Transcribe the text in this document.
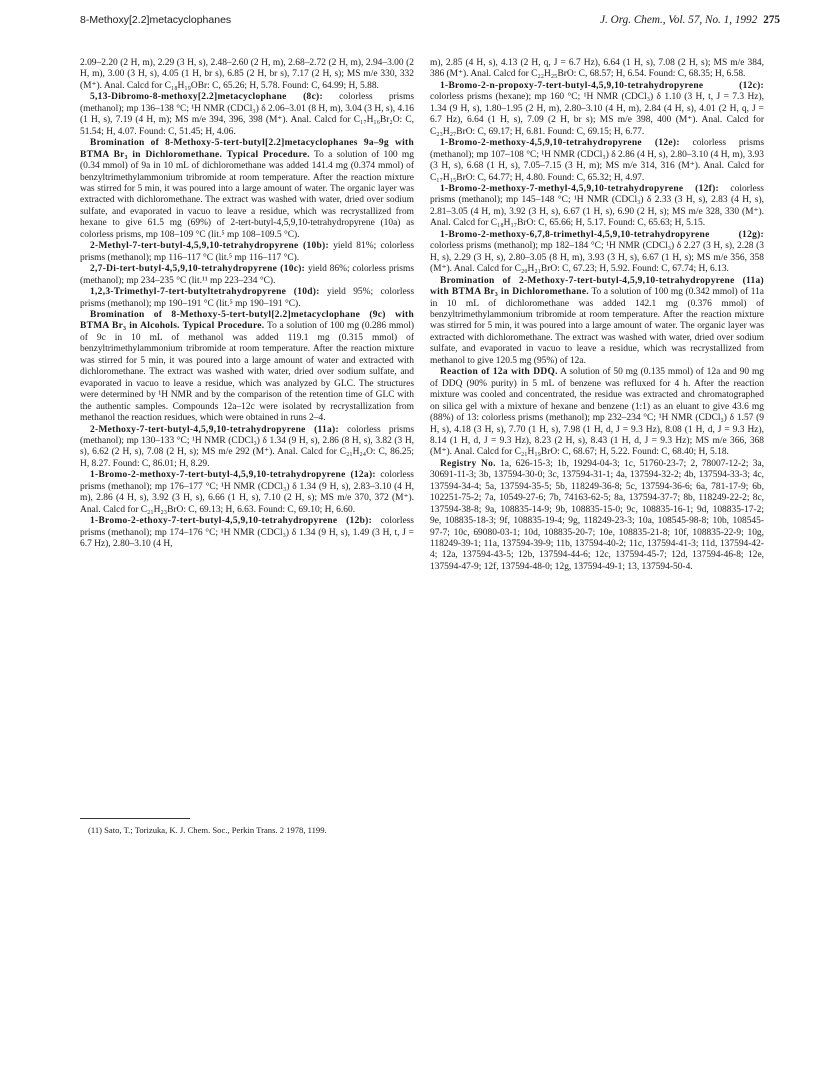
8-Methoxy[2.2]metacyclophanes	J. Org. Chem., Vol. 57, No. 1, 1992 275

2.09–2.20 (2 H, m), 2.29 (3 H, s), 2.48–2.60 (2 H, m), 2.68–2.72 (2 H, m), 2.94–3.00 (2 H, m), 3.00 (3 H, s), 4.05 (1 H, br s), 6.85 (2 H, br s), 7.17 (2 H, s); MS m/e 330, 332 (M⁺). Anal. Calcd for C₁₈H₁₉OBr: C, 65.26; H, 5.78. Found: C, 64.99; H, 5.88.

5,13-Dibromo-8-methoxy[2.2]metacyclophane (8c): colorless prisms (methanol); mp 136–138 °C; ¹H NMR (CDCl₃) δ 2.06–3.01 (8 H, m), 3.04 (3 H, s), 4.16 (1 H, s), 7.19 (4 H, m); MS m/e 394, 396, 398 (M⁺). Anal. Calcd for C₁₇H₁₆Br₂O: C, 51.54; H, 4.07. Found: C, 51.45; H, 4.06.

Bromination of 8-Methoxy-5-tert-butyl[2.2]metacyclophanes 9a–9g with BTMA Br₃ in Dichloromethane. Typical Procedure. To a solution of 100 mg (0.34 mmol) of 9a in 10 mL of dichloromethane was added 141.4 mg (0.374 mmol) of benzyltrimethylammonium tribromide at room temperature. After the reaction mixture was stirred for 5 min, it was poured into a large amount of water. The organic layer was extracted with dichloromethane. The extract was washed with water, dried over sodium sulfate, and evaporated in vacuo to leave a residue, which was recrystallized from hexane to give 61.5 mg (69%) of 2-tert-butyl-4,5,9,10-tetrahydropyrene (10a) as colorless prisms, mp 108–109 °C (lit.⁵ mp 108–109.5 °C).

2-Methyl-7-tert-butyl-4,5,9,10-tetrahydropyrene (10b): yield 81%; colorless prisms (methanol); mp 116–117 °C (lit.⁵ mp 116–117 °C).

2,7-Di-tert-butyl-4,5,9,10-tetrahydropyrene (10c): yield 86%; colorless prisms (methanol); mp 234–235 °C (lit.¹¹ mp 223–234 °C).

1,2,3-Trimethyl-7-tert-butyltetrahydropyrene (10d): yield 95%; colorless prisms (methanol); mp 190–191 °C (lit.⁵ mp 190–191 °C).

Bromination of 8-Methoxy-5-tert-butyl[2.2]metacyclophane (9c) with BTMA Br₃ in Alcohols. Typical Procedure. To a solution of 100 mg (0.286 mmol) of 9c in 10 mL of methanol was added 119.1 mg (0.315 mmol) of benzyltrimethylammonium tribromide at room temperature. After the reaction mixture was stirred for 5 min, it was poured into a large amount of water and extracted with dichloromethane. The extract was washed with water, dried over sodium sulfate, and evaporated in vacuo to leave a residue, which was analyzed by GLC. The structures were determined by ¹H NMR and by the comparison of the retention time of GLC with the authentic samples. Compounds 12a–12c were isolated by recrystallization from methanol the reaction residues, which were obtained in runs 2–4.

2-Methoxy-7-tert-butyl-4,5,9,10-tetrahydropyrene (11a): colorless prisms (methanol); mp 130–133 °C; ¹H NMR (CDCl₃) δ 1.34 (9 H, s), 2.86 (8 H, s), 3.82 (3 H, s), 6.62 (2 H, s), 7.08 (2 H, s); MS m/e 292 (M⁺). Anal. Calcd for C₂₁H₂₄O: C, 86.25; H, 8.27. Found: C, 86.01; H, 8.29.

1-Bromo-2-methoxy-7-tert-butyl-4,5,9,10-tetrahydropyrene (12a): colorless prisms (methanol); mp 176–177 °C; ¹H NMR (CDCl₃) δ 1.34 (9 H, s), 2.83–3.10 (4 H, m), 2.86 (4 H, s), 3.92 (3 H, s), 6.66 (1 H, s), 7.10 (2 H, s); MS m/e 370, 372 (M⁺). Anal. Calcd for C₂₁H₂₃BrO: C, 69.13; H, 6.63. Found: C, 69.10; H, 6.60.

1-Bromo-2-ethoxy-7-tert-butyl-4,5,9,10-tetrahydropyrene (12b): colorless prisms (methanol); mp 174–176 °C; ¹H NMR (CDCl₃) δ 1.34 (9 H, s), 1.49 (3 H, t, J = 6.7 Hz), 2.80–3.10 (4 H,

m), 2.85 (4 H, s), 4.13 (2 H, q, J = 6.7 Hz), 6.64 (1 H, s), 7.08 (2 H, s); MS m/e 384, 386 (M⁺). Anal. Calcd for C₂₂H₂₅BrO: C, 68.57; H, 6.54. Found: C, 68.35; H, 6.58.

1-Bromo-2-n-propoxy-7-tert-butyl-4,5,9,10-tetrahydropyrene (12c): colorless prisms (hexane); mp 160 °C; ¹H NMR (CDCl₃) δ 1.10 (3 H, t, J = 7.3 Hz), 1.34 (9 H, s), 1.80–1.95 (2 H, m), 2.80–3.10 (4 H, m), 2.84 (4 H, s), 4.01 (2 H, q, J = 6.7 Hz), 6.64 (1 H, s), 7.09 (2 H, br s); MS m/e 398, 400 (M⁺). Anal. Calcd for C₂₃H₂₇BrO: C, 69.17; H, 6.81. Found: C, 69.15; H, 6.77.

1-Bromo-2-methoxy-4,5,9,10-tetrahydropyrene (12e): colorless prisms (methanol); mp 107–108 °C; ¹H NMR (CDCl₃) δ 2.86 (4 H, s), 2.80–3.10 (4 H, m), 3.93 (3 H, s), 6.68 (1 H, s), 7.05–7.15 (3 H, m); MS m/e 314, 316 (M⁺). Anal. Calcd for C₁₇H₁₅BrO: C, 64.77; H, 4.80. Found: C, 65.32; H, 4.97.

1-Bromo-2-methoxy-7-methyl-4,5,9,10-tetrahydropyrene (12f): colorless prisms (methanol); mp 145–148 °C; ¹H NMR (CDCl₃) δ 2.33 (3 H, s), 2.83 (4 H, s), 2.81–3.05 (4 H, m), 3.92 (3 H, s), 6.67 (1 H, s), 6.90 (2 H, s); MS m/e 328, 330 (M⁺). Anal. Calcd for C₁₈H₁₇BrO: C, 65.66; H, 5.17. Found: C, 65.63; H, 5.15.

1-Bromo-2-methoxy-6,7,8-trimethyl-4,5,9,10-tetrahydropyrene (12g): colorless prisms (methanol); mp 182–184 °C; ¹H NMR (CDCl₃) δ 2.27 (3 H, s), 2.28 (3 H, s), 2.29 (3 H, s), 2.80–3.05 (8 H, m), 3.93 (3 H, s), 6.67 (1 H, s); MS m/e 356, 358 (M⁺). Anal. Calcd for C₂₀H₂₁BrO: C, 67.23; H, 5.92. Found: C, 67.74; H, 6.13.

Bromination of 2-Methoxy-7-tert-butyl-4,5,9,10-tetrahydropyrene (11a) with BTMA Br₃ in Dichloromethane. To a solution of 100 mg (0.342 mmol) of 11a in 10 mL of dichloromethane was added 142.1 mg (0.376 mmol) of benzyltrimethylammonium tribromide at room temperature. After the reaction mixture was stirred for 5 min, it was poured into a large amount of water. The organic layer was extracted with dichloromethane. The extract was washed with water, dried over sodium sulfate, and evaporated in vacuo to leave a residue, which was recrystallized from methanol to give 120.5 mg (95%) of 12a.

Reaction of 12a with DDQ. A solution of 50 mg (0.135 mmol) of 12a and 90 mg of DDQ (90% purity) in 5 mL of benzene was refluxed for 4 h. After the reaction mixture was cooled and concentrated, the residue was extracted and chromatographed on silica gel with a mixture of hexane and benzene (1:1) as an eluant to give 43.6 mg (88%) of 13: colorless prisms (methanol); mp 232–234 °C; ¹H NMR (CDCl₃) δ 1.57 (9 H, s), 4.18 (3 H, s), 7.70 (1 H, s), 7.98 (1 H, d, J = 9.3 Hz), 8.08 (1 H, d, J = 9.3 Hz), 8.14 (1 H, d, J = 9.3 Hz), 8.23 (2 H, s), 8.43 (1 H, d, J = 9.3 Hz); MS m/e 366, 368 (M⁺). Anal. Calcd for C₂₁H₁₉BrO: C, 68.67; H, 5.22. Found: C, 68.40; H, 5.18.

Registry No. 1a, 626-15-3; 1b, 19294-04-3; 1c, 51760-23-7; 2, 78007-12-2; 3a, 30691-11-3; 3b, 137594-30-0; 3c, 137594-31-1; 4a, 137594-32-2; 4b, 137594-33-3; 4c, 137594-34-4; 5a, 137594-35-5; 5b, 118249-36-8; 5c, 137594-36-6; 6a, 781-17-9; 6b, 102251-75-2; 7a, 10549-27-6; 7b, 74163-62-5; 8a, 137594-37-7; 8b, 118249-22-2; 8c, 137594-38-8; 9a, 108835-14-9; 9b, 108835-15-0; 9c, 108835-16-1; 9d, 108835-17-2; 9e, 108835-18-3; 9f, 108835-19-4; 9g, 118249-23-3; 10a, 108545-98-8; 10b, 108545-97-7; 10c, 69080-03-1; 10d, 108835-20-7; 10e, 108835-21-8; 10f, 108835-22-9; 10g, 118249-39-1; 11a, 137594-39-9; 11b, 137594-40-2; 11c, 137594-41-3; 11d, 137594-42-4; 12a, 137594-43-5; 12b, 137594-44-6; 12c, 137594-45-7; 12d, 137594-46-8; 12e, 137594-47-9; 12f, 137594-48-0; 12g, 137594-49-1; 13, 137594-50-4.

(11) Sato, T.; Torizuka, K. J. Chem. Soc., Perkin Trans. 2 1978, 1199.
